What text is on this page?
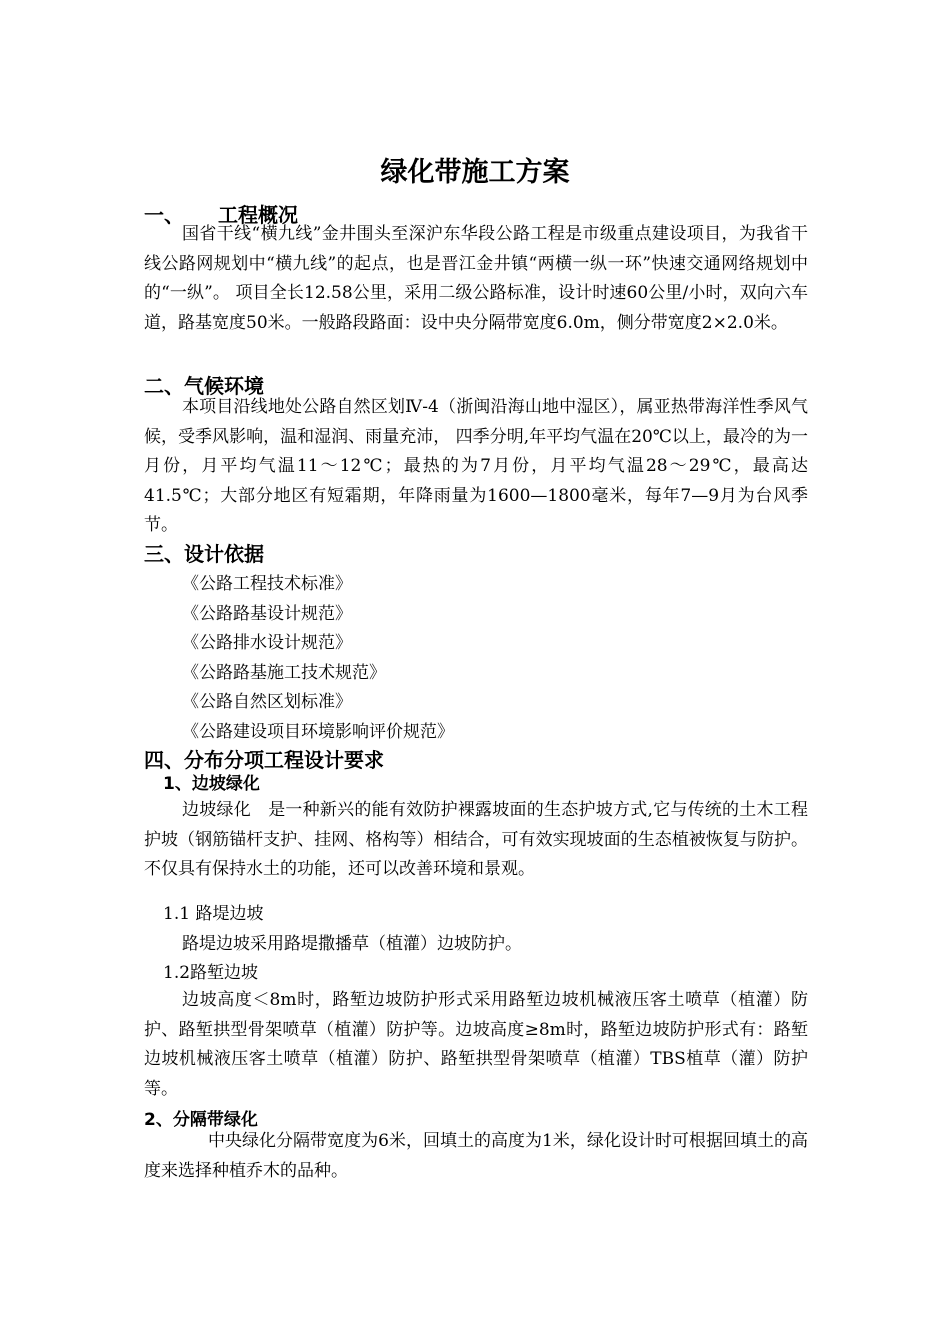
绿化带施工方案
一、 工程概况

国省干线“横九线”金井围头至深沪东华段公路工程是市级重点建设项目，为我省干线公路网规划中“横九线”的起点，也是晋江金井镇“两横一纵一环”快速交通网络规划中的“一纵”。 项目全长12.58公里，采用二级公路标准，设计时速60公里/小时，双向六车道，路基宽度50米。一般路段路面：设中央分隔带宽度6.0m，侧分带宽度2×2.0米。

二、气候环境

本项目沿线地处公路自然区划Ⅳ-4（浙闽沿海山地中湿区），属亚热带海洋性季风气候，受季风影响，温和湿润、雨量充沛， 四季分明,年平均气温在20℃以上，最冷的为一月份，月平均气温11～12℃；最热的为7月份，月平均气温28～29℃，最高达41.5℃；大部分地区有短霜期，年降雨量为1600—1800毫米，每年7—9月为台风季节。

三、设计依据
《公路工程技术标准》
《公路路基设计规范》
《公路排水设计规范》
《公路路基施工技术规范》
《公路自然区划标准》
《公路建设项目环境影响评价规范》
四、分布分项工程设计要求
1、边坡绿化

边坡绿化　是一种新兴的能有效防护裸露坡面的生态护坡方式,它与传统的土木工程护坡（钢筋锚杆支护、挂网、格构等）相结合，可有效实现坡面的生态植被恢复与防护。不仅具有保持水土的功能，还可以改善环境和景观。

1.1 路堤边坡

路堤边坡采用路堤撒播草（植灌）边坡防护。

1.2路堑边坡

边坡高度＜8m时，路堑边坡防护形式采用路堑边坡机械液压客土喷草（植灌）防护、路堑拱型骨架喷草（植灌）防护等。边坡高度≥8m时，路堑边坡防护形式有：路堑边坡机械液压客土喷草（植灌）防护、路堑拱型骨架喷草（植灌）TBS植草（灌）防护等。

2、分隔带绿化

中央绿化分隔带宽度为6米，回填土的高度为1米，绿化设计时可根据回填土的高度来选择种植乔木的品种。
